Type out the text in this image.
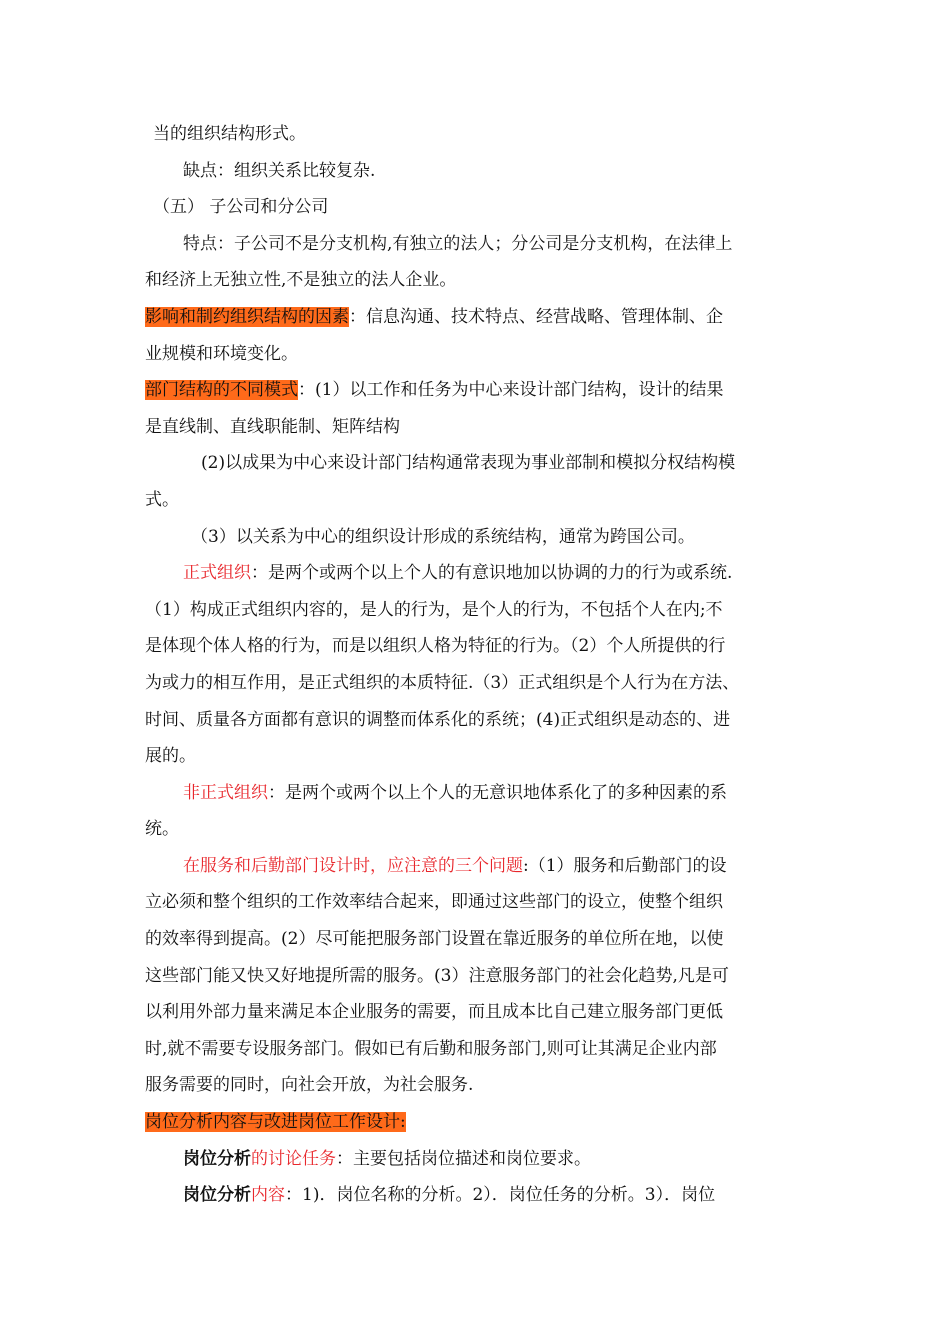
当的组织结构形式。
缺点：组织关系比较复杂.
（五） 子公司和分公司
特点：子公司不是分支机构,有独立的法人；分公司是分支机构，在法律上
和经济上无独立性,不是独立的法人企业。
影响和制约组织结构的因素：信息沟通、技术特点、经营战略、管理体制、企
业规模和环境变化。
部门结构的不同模式：(1）以工作和任务为中心来设计部门结构，设计的结果
是直线制、直线职能制、矩阵结构
(2)以成果为中心来设计部门结构通常表现为事业部制和模拟分权结构模
式。
（3）以关系为中心的组织设计形成的系统结构，通常为跨国公司。
正式组织：是两个或两个以上个人的有意识地加以协调的力的行为或系统.
（1）构成正式组织内容的，是人的行为，是个人的行为，不包括个人在内;不
是体现个体人格的行为，而是以组织人格为特征的行为。（2）个人所提供的行
为或力的相互作用，是正式组织的本质特征.（3）正式组织是个人行为在方法、
时间、质量各方面都有意识的调整而体系化的系统；(4)正式组织是动态的、进
展的。
非正式组织：是两个或两个以上个人的无意识地体系化了的多种因素的系
统。
在服务和后勤部门设计时，应注意的三个问题:（1）服务和后勤部门的设
立必须和整个组织的工作效率结合起来，即通过这些部门的设立，使整个组织
的效率得到提高。(2）尽可能把服务部门设置在靠近服务的单位所在地，以使
这些部门能又快又好地提所需的服务。(3）注意服务部门的社会化趋势,凡是可
以利用外部力量来满足本企业服务的需要，而且成本比自己建立服务部门更低
时,就不需要专设服务部门。假如已有后勤和服务部门,则可让其满足企业内部
服务需要的同时，向社会开放，为社会服务.
岗位分析内容与改进岗位工作设计:
岗位分析的讨论任务：主要包括岗位描述和岗位要求。
岗位分析内容：1)．岗位名称的分析。2）．岗位任务的分析。3）．岗位
